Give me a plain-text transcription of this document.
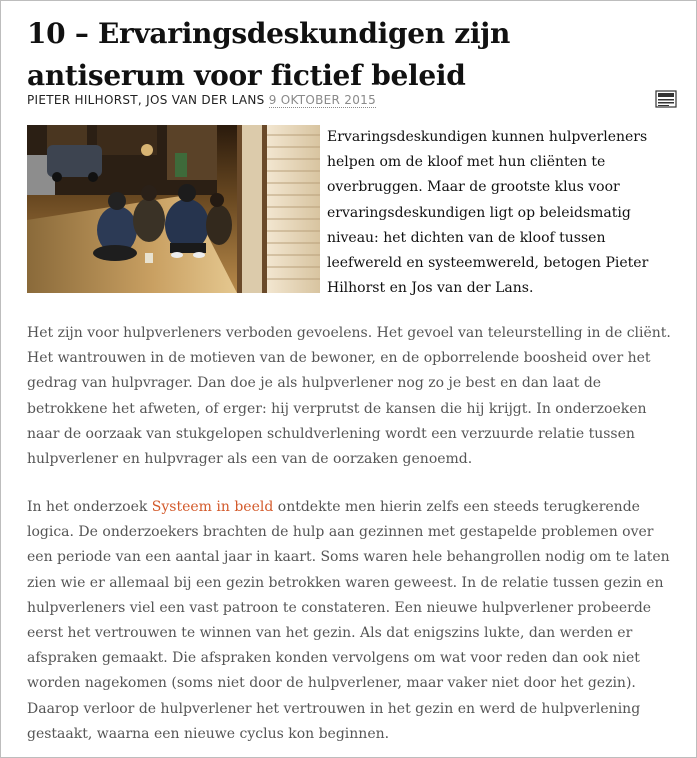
10 – Ervaringsdeskundigen zijn antiserum voor fictief beleid
PIETER HILHORST, JOS VAN DER LANS 9 OKTOBER 2015

Ervaringsdeskundigen kunnen hulpverleners helpen om de kloof met hun cliënten te overbruggen. Maar de grootste klus voor ervaringsdeskundigen ligt op beleidsmatig niveau: het dichten van de kloof tussen leefwereld en systeemwereld, betogen Pieter Hilhorst en Jos van der Lans.

Het zijn voor hulpverleners verboden gevoelens. Het gevoel van teleurstelling in de cliënt. Het wantrouwen in de motieven van de bewoner, en de opborrelende boosheid over het gedrag van hulpvrager. Dan doe je als hulpverlener nog zo je best en dan laat de betrokkene het afweten, of erger: hij verprutst de kansen die hij krijgt. In onderzoeken naar de oorzaak van stukgelopen schuldverlening wordt een verzuurde relatie tussen hulpverlener en hulpvrager als een van de oorzaken genoemd.

In het onderzoek Systeem in beeld ontdekte men hierin zelfs een steeds terugkerende logica. De onderzoekers brachten de hulp aan gezinnen met gestapelde problemen over een periode van een aantal jaar in kaart. Soms waren hele behangrollen nodig om te laten zien wie er allemaal bij een gezin betrokken waren geweest. In de relatie tussen gezin en hulpverleners viel een vast patroon te constateren. Een nieuwe hulpverlener probeerde eerst het vertrouwen te winnen van het gezin. Als dat enigszins lukte, dan werden er afspraken gemaakt. Die afspraken konden vervolgens om wat voor reden dan ook niet worden nagekomen (soms niet door de hulpverlener, maar vaker niet door het gezin). Daarop verloor de hulpverlener het vertrouwen in het gezin en werd de hulpverlening gestaakt, waarna een nieuwe cyclus kon beginnen.
